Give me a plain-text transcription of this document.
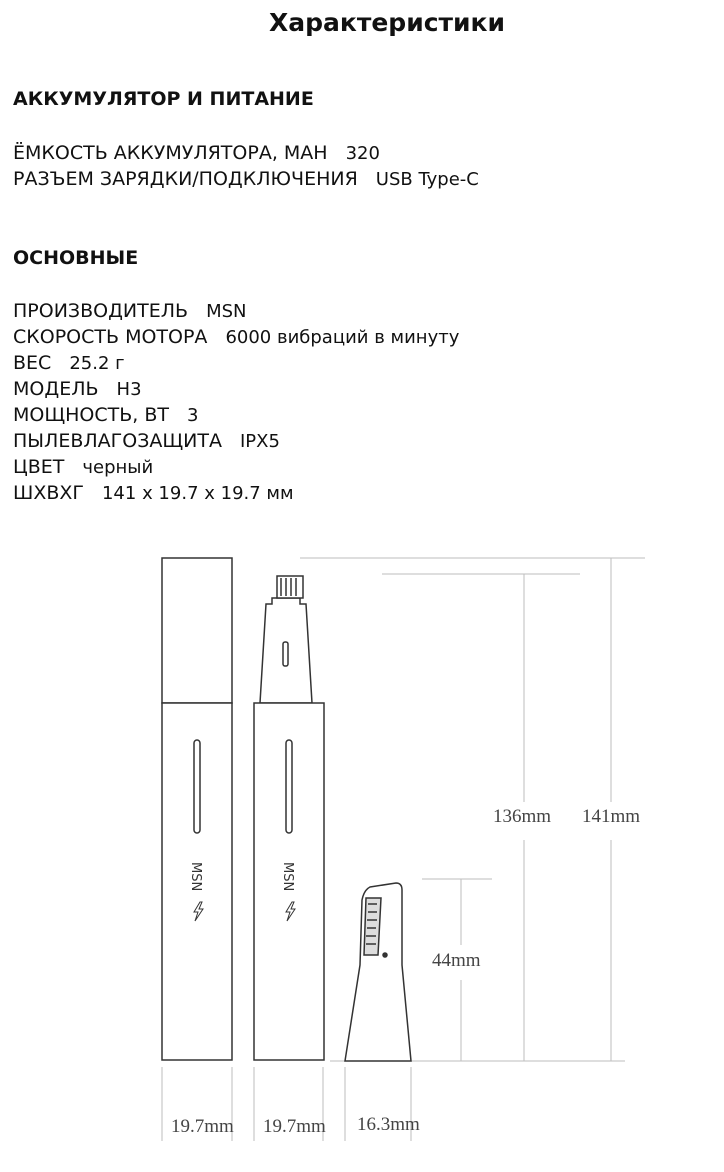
Характеристики
АККУМУЛЯТОР И ПИТАНИЕ
ЁМКОСТЬ АККУМУЛЯТОРА, МАН 320
РАЗЪЕМ ЗАРЯДКИ/ПОДКЛЮЧЕНИЯ USB Type-C
ОСНОВНЫЕ
ПРОИЗВОДИТЕЛЬ MSN
СКОРОСТЬ МОТОРА 6000 вибраций в минуту
ВЕС 25.2 г
МОДЕЛЬ H3
МОЩНОСТЬ, ВТ 3
ПЫЛЕВЛАГОЗАЩИТА IPX5
ЦВЕТ черный
ШХВХГ 141 x 19.7 x 19.7 мм
MSN	MSN
136mm 141mm
44mm
19.7mm 19.7mm 16.3mm
